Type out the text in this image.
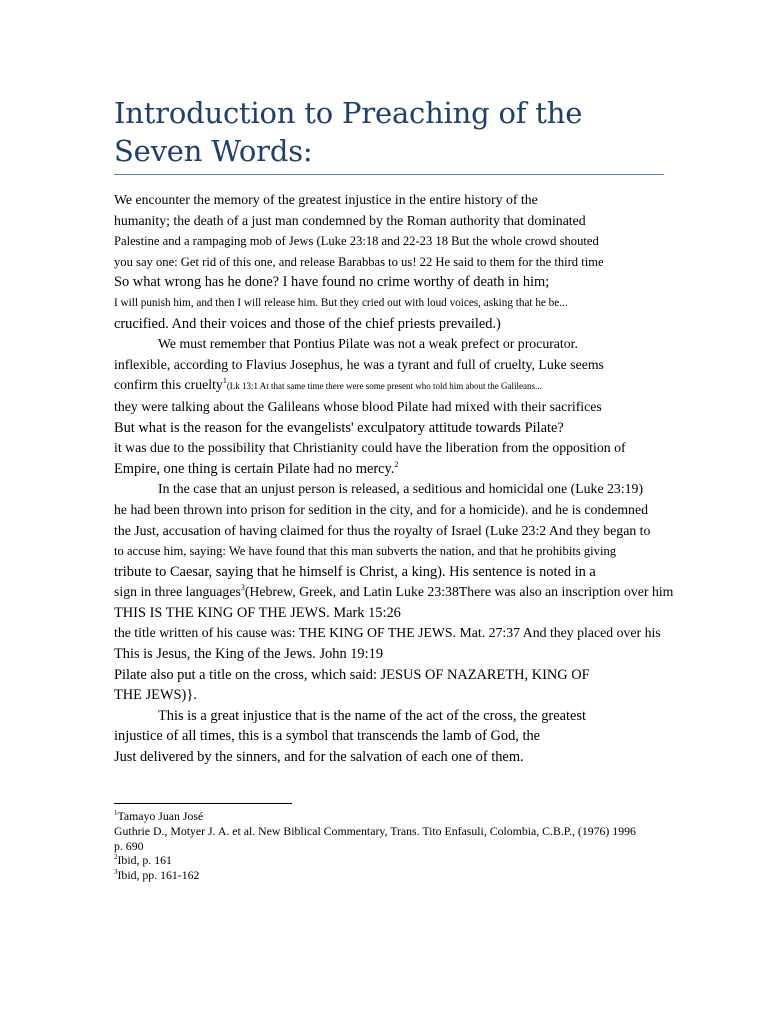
Introduction to Preaching of the
Seven Words:
We encounter the memory of the greatest injustice in the entire history of the
humanity; the death of a just man condemned by the Roman authority that dominated
Palestine and a rampaging mob of Jews (Luke 23:18 and 22-23 18 But the whole crowd shouted
you say one: Get rid of this one, and release Barabbas to us! 22 He said to them for the third time
So what wrong has he done? I have found no crime worthy of death in him;
I will punish him, and then I will release him. But they cried out with loud voices, asking that he be...
crucified. And their voices and those of the chief priests prevailed.)
We must remember that Pontius Pilate was not a weak prefect or procurator.
inflexible, according to Flavius Josephus, he was a tyrant and full of cruelty, Luke seems
confirm this cruelty$^1$(Lk 13:1 At that same time there were some present who told him about the Galileans...
they were talking about the Galileans whose blood Pilate had mixed with their sacrifices
But what is the reason for the evangelists' exculpatory attitude towards Pilate?
it was due to the possibility that Christianity could have the liberation from the opposition of
Empire, one thing is certain Pilate had no mercy.$^2$
In the case that an unjust person is released, a seditious and homicidal one (Luke 23:19)
he had been thrown into prison for sedition in the city, and for a homicide). and he is condemned
the Just, accusation of having claimed for thus the royalty of Israel (Luke 23:2 And they began to
to accuse him, saying: We have found that this man subverts the nation, and that he prohibits giving
tribute to Caesar, saying that he himself is Christ, a king). His sentence is noted in a
sign in three languages$^3$(Hebrew, Greek, and Latin Luke 23:38There was also an inscription over him
THIS IS THE KING OF THE JEWS. Mark 15:26
the title written of his cause was: THE KING OF THE JEWS. Mat. 27:37 And they placed over his
This is Jesus, the King of the Jews. John 19:19
Pilate also put a title on the cross, which said: JESUS OF NAZARETH, KING OF
THE JEWS)}.
This is a great injustice that is the name of the act of the cross, the greatest
injustice of all times, this is a symbol that transcends the lamb of God, the
Just delivered by the sinners, and for the salvation of each one of them.
$^1$Tamayo Juan José
Guthrie D., Motyer J. A. et al. New Biblical Commentary, Trans. Tito Enfasuli, Colombia, C.B.P., (1976) 1996
p. 690
$^2$Ibid, p. 161
$^3$Ibid, pp. 161-162
